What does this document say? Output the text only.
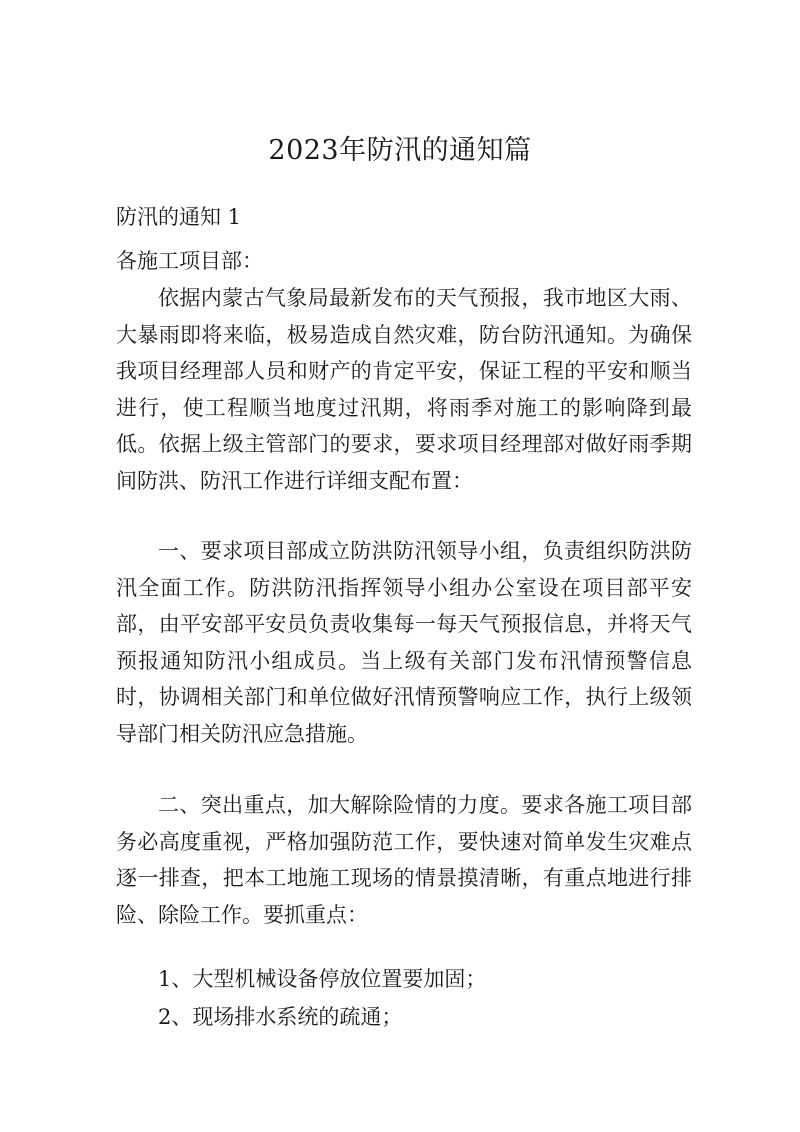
2023年防汛的通知篇
防汛的通知 1
各施工项目部：

依据内蒙古气象局最新发布的天气预报，我市地区大雨、大暴雨即将来临，极易造成自然灾难，防台防汛通知。为确保我项目经理部人员和财产的肯定平安，保证工程的平安和顺当进行，使工程顺当地度过汛期，将雨季对施工的影响降到最低。依据上级主管部门的要求，要求项目经理部对做好雨季期间防洪、防汛工作进行详细支配布置：

一、要求项目部成立防洪防汛领导小组，负责组织防洪防汛全面工作。防洪防汛指挥领导小组办公室设在项目部平安部，由平安部平安员负责收集每一每天气预报信息，并将天气预报通知防汛小组成员。当上级有关部门发布汛情预警信息时，协调相关部门和单位做好汛情预警响应工作，执行上级领导部门相关防汛应急措施。

二、突出重点，加大解除险情的力度。要求各施工项目部务必高度重视，严格加强防范工作，要快速对简单发生灾难点逐一排查，把本工地施工现场的情景摸清晰，有重点地进行排险、除险工作。要抓重点：

1、大型机械设备停放位置要加固；
2、现场排水系统的疏通；
